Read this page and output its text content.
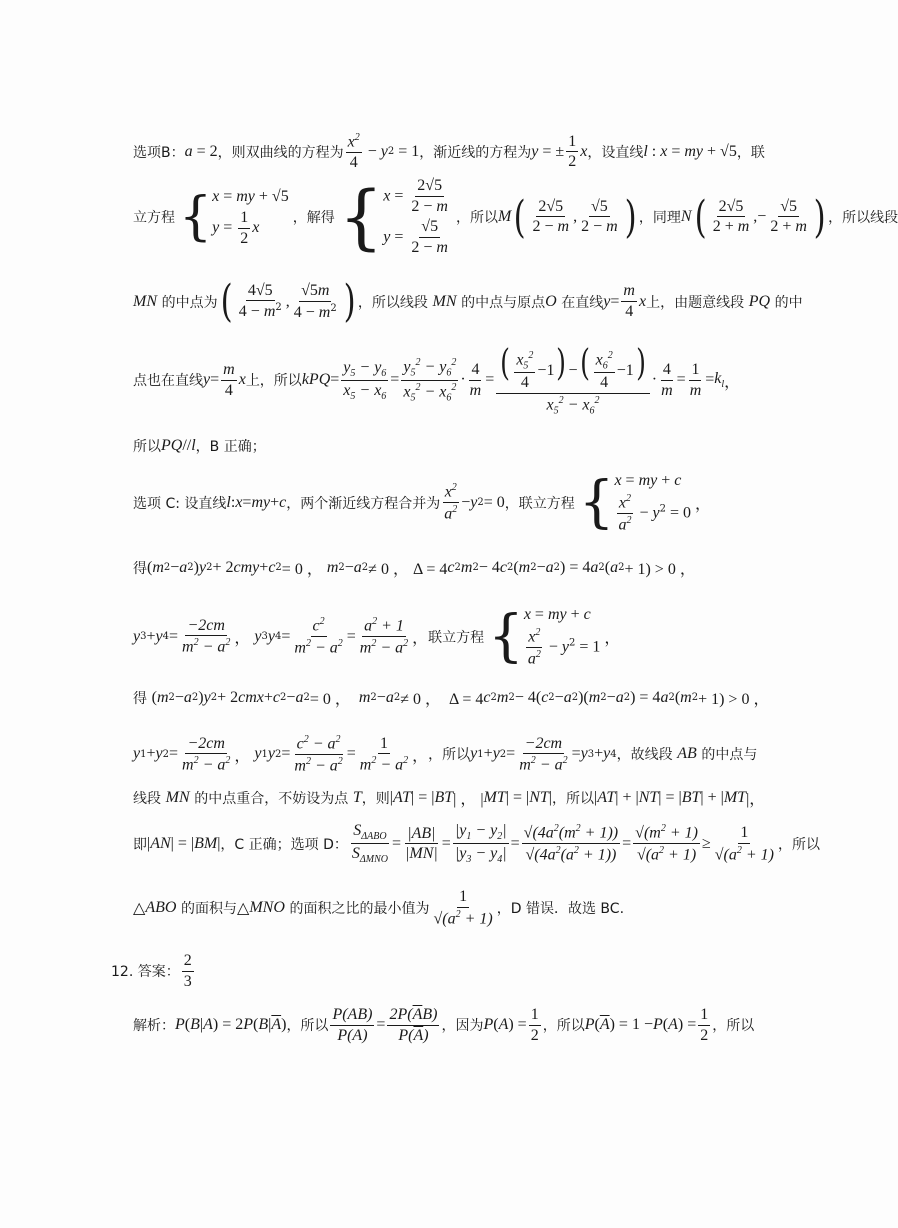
选项B： a = 2 ，则双曲线的方程为 $\frac{x^2}{4} - y$ 2 = 1 ，渐近线的方程为 y = ± $\frac{1}{2}$ x ，设直线 l : x = my + √5 ，联
立方程 { x = my + √5
$y = \frac{1}{2}$ x
，解得 { $x = \frac{2√5}{2 - m}$
$y = \frac{√5}{2 - m}$ ，所以 M ( $\frac{2√5}{2 - m}$ , $\frac{√5}{2 - m}$ ) ，同理 N ( $\frac{2√5}{2 + m}$ ,− $\frac{√5}{2 + m}$ ) ，所以线段
MN
的中点为 ( $\frac{4√5}{4 - m^2}$ , $\frac{√5m}{4 - m^2}$ ) ，所以线段
MN
的中点与原点 O
在直线 $y = \frac{m}{4}$ x 上，由题意线段
PQ
的中
点也在直线 $y = \frac{m}{4}$ x 上，所以 k PQ = $\frac{y_5 - y_6}{x_5 - x_6} = \frac{y_5^2 - y_6^2}{x_5^2 - x_6^2} \cdot \frac{4}{m} = \frac{( \frac{x_5^2}{4} -1) -( \frac{x_6^2}{4} -1)}{x_5^2 - x_6^2} \cdot \frac{4}{m} = \frac{1}{m} = k_l$ ，
所以 PQ // l ，B 正确；
选项 C: 设直线 l : x = my + c ，两个渐近线方程合并为 $\frac{x^2}{a^2} - y$ 2 = 0 ，联立方程 { x = my + c
$\frac{x^2}{a^2} - y^2 = 0$ ，
得 ( m 2 − a 2 ) y 2 + 2 cmy + c 2 = 0 ， m 2 − a 2 ≠ 0 ， Δ = 4 c 2 m 2 − 4 c 2 ( m 2 − a 2 ) = 4 a 2 ( a 2 + 1) > 0 ，
y 3 + y $4 = \frac{-2cm}{m^2 - a^2}$ ， y 3 y $4 = \frac{c^2}{m^2 - a^2} = \frac{a^2 + 1}{m^2 - a^2}$ ， 联立方程 { x = my + c
$\frac{x^2}{a^2} - y^2 = 1$ ，
得
( m 2 − a 2 ) y 2 + 2 cmx + c 2 − a 2 = 0 ， m 2 − a 2 ≠ 0 ，  Δ = 4 c 2 m 2 − 4( c 2 − a 2 )( m 2 − a 2 ) = 4 a 2 ( m 2 + 1) > 0 ，
y 1 + y $2 = \frac{-2cm}{m^2 - a^2}$ ， y 1 y $2 = \frac{c^2 - a^2}{m^2 - a^2} = \frac{1}{m^2 - a^2}$ ， ，所以 y 1 + y $2 = \frac{-2cm}{m^2 - a^2} = y$ 3 + y 4 ，故线段
AB
的中点与
线段
MN
的中点重合，不妨设为点
T ，则 | AT | = | BT | ， | MT | = | NT | ，所以 | AT | + | NT | = | BT | + | MT |，
即 | AN | = | BM | ，C 正确；选项 D： $\frac{S_{\Delta ABO}}{S_{\Delta MNO}} = \frac{|AB|}{|MN|} = \frac{|y_1 - y_2|}{|y_3 - y_4|} = \frac{√(4a^2(m^2 + 1))}{√(4a^2(a^2 + 1))} = \frac{√(m^2 + 1)}{√(a^2 + 1)} \ge \frac{1}{√(a^2 + 1)}$ ，所以
△ ABO
的面积与 △ MNO
的面积之比的最小值为 $\frac{1}{√(a^2 + 1)}$ ，D 错误．故选 BC.
12. 答案： $\frac{2}{3}$
解析： P ( B | A ) = 2 P ( B | $\overline{A}$ ) ，所以 $\frac{P(AB)}{P(A)} = \frac{2P(\overline{A}B)}{P(\overline{A})}$ ，因为 P ( A ) = $\frac{1}{2}$ ，所以 P ( $\overline{A}$ ) = 1 − P ( A ) = $\frac{1}{2}$ ，所以
